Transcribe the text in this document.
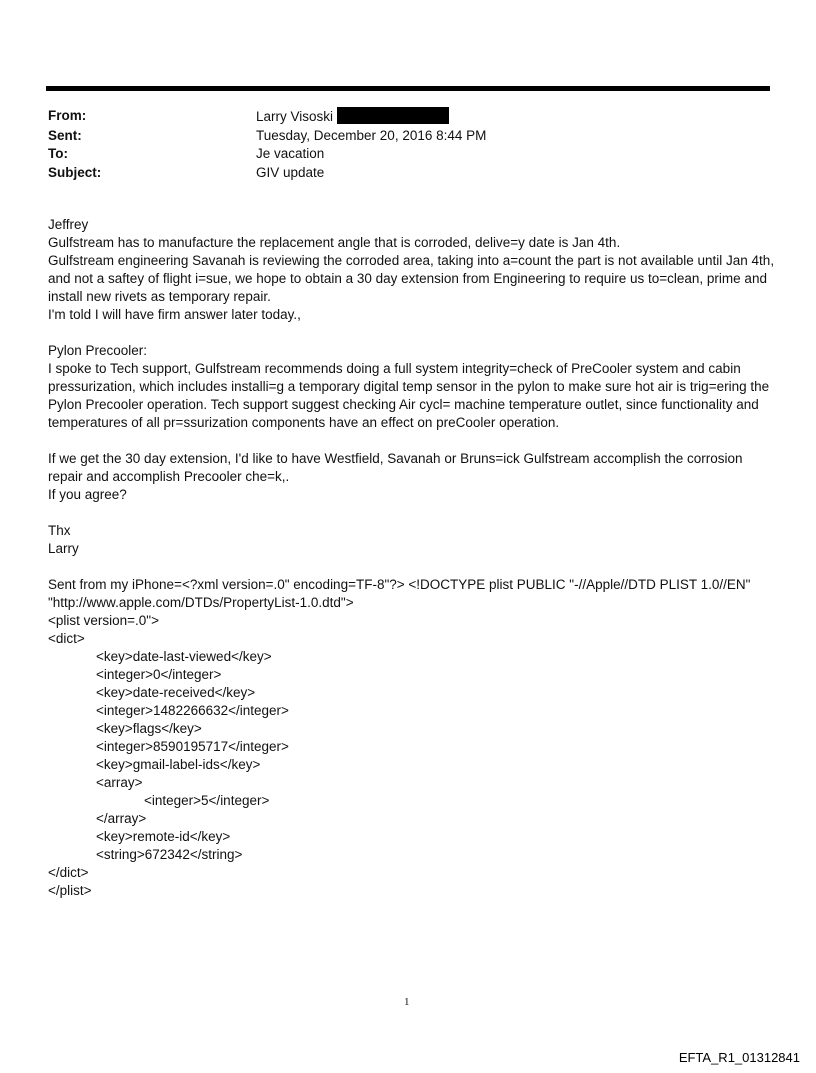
From:	Larry Visoski
Sent:	Tuesday, December 20, 2016 8:44 PM
To:	Je vacation
Subject:	GIV update

Jeffrey

Gulfstream has to manufacture the replacement angle that is corroded, delive=y date is Jan 4th.

Gulfstream engineering Savanah is reviewing the corroded area, taking into a=count the part is not available until Jan 4th, and not a saftey of flight i=sue, we hope to obtain a 30 day extension from Engineering to require us to=clean, prime and install new rivets as temporary repair.

I'm told I will have firm answer later today.,

Pylon Precooler:

I spoke to Tech support, Gulfstream recommends doing a full system integrity=check of PreCooler system and cabin pressurization, which includes installi=g a temporary digital temp sensor in the pylon to make sure hot air is trig=ering the Pylon Precooler operation. Tech support suggest checking Air cycl= machine temperature outlet, since functionality and temperatures of all pr=ssurization components have an effect on preCooler operation.

If we get the 30 day extension, I'd like to have Westfield, Savanah or Bruns=ick Gulfstream accomplish the corrosion repair and accomplish Precooler che=k,.

If you agree?

Thx

Larry

Sent from my iPhone=<?xml version=.0" encoding=TF-8"?> <!DOCTYPE plist PUBLIC "-//Apple//DTD PLIST 1.0//EN"

"http://www.apple.com/DTDs/PropertyList-1.0.dtd">

<plist version=.0">

<dict>

<key>date-last-viewed</key>

<integer>0</integer>

<key>date-received</key>

<integer>1482266632</integer>

<key>flags</key>

<integer>8590195717</integer>

<key>gmail-label-ids</key>

<array>

<integer>5</integer>

</array>

<key>remote-id</key>

<string>672342</string>

</dict>

</plist>

1
EFTA_R1_01312841
